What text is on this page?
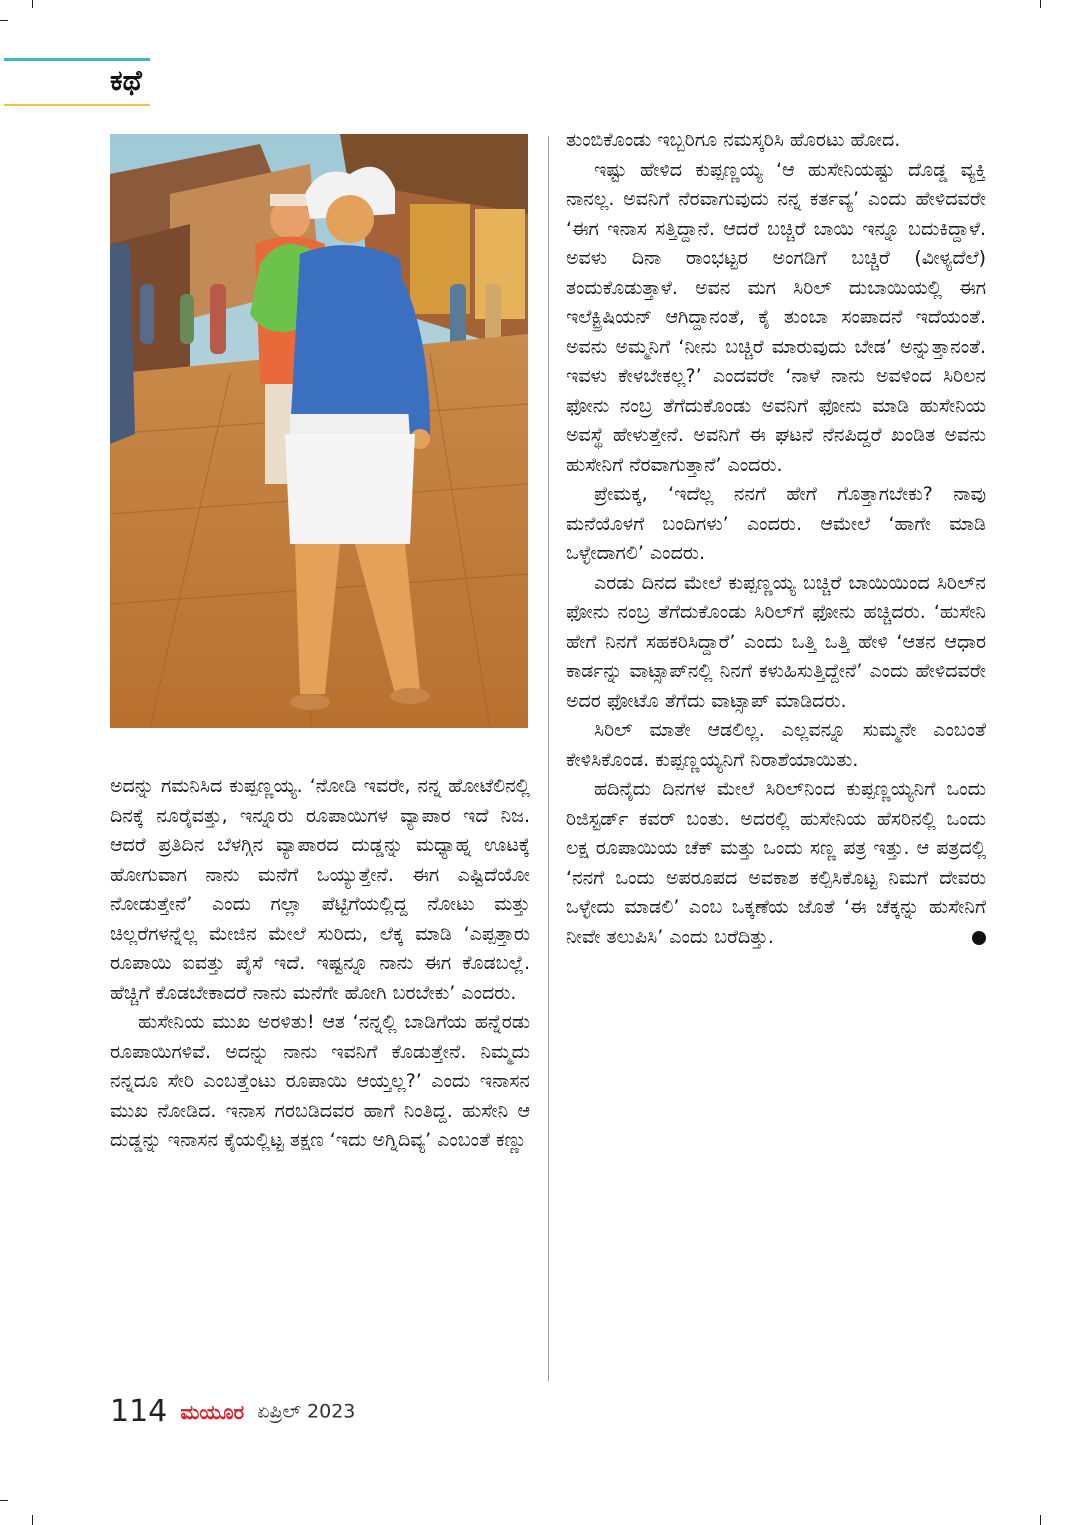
ಕಥೆ

ಅದನ್ನು ಗಮನಿಸಿದ ಕುಪ್ಪಣ್ಣಯ್ಯ. ‘ನೋಡಿ ಇವರೇ, ನನ್ನ ಹೋಟೆಲಿನಲ್ಲಿ ದಿನಕ್ಕೆ ನೂರೈವತ್ತು, ಇನ್ನೂರು ರೂಪಾಯಿಗಳ ವ್ಯಾಪಾರ ಇದೆ ನಿಜ. ಆದರೆ ಪ್ರತಿದಿನ ಬೆಳಗ್ಗಿನ ವ್ಯಾಪಾರದ ದುಡ್ಡನ್ನು ಮಧ್ಯಾಹ್ನ ಊಟಕ್ಕೆ ಹೋಗುವಾಗ ನಾನು ಮನೆಗೆ ಒಯ್ಯುತ್ತೇನೆ. ಈಗ ಎಷ್ಟಿದೆಯೋ ನೋಡುತ್ತೇನೆ’ ಎಂದು ಗಲ್ಲಾ ಪೆಟ್ಟಿಗೆಯಲ್ಲಿದ್ದ ನೋಟು ಮತ್ತು ಚಿಲ್ಲರೆಗಳನ್ನೆಲ್ಲ ಮೇಜಿನ ಮೇಲೆ ಸುರಿದು, ಲೆಕ್ಕ ಮಾಡಿ ‘ಎಪ್ಪತ್ತಾರು ರೂಪಾಯಿ ಐವತ್ತು ಪೈಸೆ ಇದೆ. ಇಷ್ಟನ್ನೂ ನಾನು ಈಗ ಕೊಡಬಲ್ಲೆ. ಹೆಚ್ಚಿಗೆ ಕೊಡಬೇಕಾದರೆ ನಾನು ಮನೆಗೇ ಹೋಗಿ ಬರಬೇಕು’ ಎಂದರು.

ಹುಸೇನಿಯ ಮುಖ ಅರಳಿತು! ಆತ ‘ನನ್ನಲ್ಲಿ ಬಾಡಿಗೆಯ ಹನ್ನೆರಡು ರೂಪಾಯಿಗಳಿವೆ. ಅದನ್ನು ನಾನು ಇವನಿಗೆ ಕೊಡುತ್ತೇನೆ. ನಿಮ್ಮದು ನನ್ನದೂ ಸೇರಿ ಎಂಬತ್ತೆಂಟು ರೂಪಾಯಿ ಆಯ್ತಲ್ಲ?’ ಎಂದು ಇನಾಸನ ಮುಖ ನೋಡಿದ. ಇನಾಸ ಗರಬಡಿದವರ ಹಾಗೆ ನಿಂತಿದ್ದ. ಹುಸೇನಿ ಆ ದುಡ್ಡನ್ನು ಇನಾಸನ ಕೈಯಲ್ಲಿಟ್ಟ ತಕ್ಷಣ ‘ಇದು ಅಗ್ನಿದಿವ್ಯ’ ಎಂಬಂತೆ ಕಣ್ಣು

ತುಂಬಿಕೊಂಡು ಇಬ್ಬರಿಗೂ ನಮಸ್ಕರಿಸಿ ಹೊರಟು ಹೋದ.

ಇಷ್ಟು ಹೇಳಿದ ಕುಪ್ಪಣ್ಣಯ್ಯ ‘ಆ ಹುಸೇನಿಯಷ್ಟು ದೊಡ್ಡ ವ್ಯಕ್ತಿ ನಾನಲ್ಲ. ಅವನಿಗೆ ನೆರವಾಗುವುದು ನನ್ನ ಕರ್ತವ್ಯ’ ಎಂದು ಹೇಳಿದವರೇ ‘ಈಗ ಇನಾಸ ಸತ್ತಿದ್ದಾನೆ. ಆದರೆ ಬಚ್ಚಿರೆ ಬಾಯಿ ಇನ್ನೂ ಬದುಕಿದ್ದಾಳೆ. ಅವಳು ದಿನಾ ರಾಂಭಟ್ಟರ ಅಂಗಡಿಗೆ ಬಚ್ಚಿರೆ (ವೀಳ್ಯದೆಲೆ) ತಂದುಕೊಡುತ್ತಾಳೆ. ಅವನ ಮಗ ಸಿರಿಲ್ ದುಬಾಯಿಯಲ್ಲಿ ಈಗ ಇಲೆಕ್ಟ್ರಿಷಿಯನ್ ಆಗಿದ್ದಾನಂತೆ, ಕೈ ತುಂಬಾ ಸಂಪಾದನೆ ಇದೆಯಂತೆ. ಅವನು ಅಮ್ಮನಿಗೆ ‘ನೀನು ಬಚ್ಚಿರೆ ಮಾರುವುದು ಬೇಡ’ ಅನ್ನುತ್ತಾನಂತೆ. ಇವಳು ಕೇಳಬೇಕಲ್ಲ?’ ಎಂದವರೇ ‘ನಾಳೆ ನಾನು ಅವಳಿಂದ ಸಿರಿಲನ ಫೋನು ನಂಬ್ರ ತೆಗೆದುಕೊಂಡು ಅವನಿಗೆ ಫೋನು ಮಾಡಿ ಹುಸೇನಿಯ ಅವಸ್ಥೆ ಹೇಳುತ್ತೇನೆ. ಅವನಿಗೆ ಈ ಘಟನೆ ನೆನಪಿದ್ದರೆ ಖಂಡಿತ ಅವನು ಹುಸೇನಿಗೆ ನೆರವಾಗುತ್ತಾನೆ’ ಎಂದರು.

ಪ್ರೇಮಕ್ಕ, ‘ಇದೆಲ್ಲ ನನಗೆ ಹೇಗೆ ಗೊತ್ತಾಗಬೇಕು? ನಾವು ಮನೆಯೊಳಗೆ ಬಂದಿಗಳು’ ಎಂದರು. ಆಮೇಲೆ ‘ಹಾಗೇ ಮಾಡಿ ಒಳ್ಳೇದಾಗಲಿ’ ಎಂದರು.

ಎರಡು ದಿನದ ಮೇಲೆ ಕುಪ್ಪಣ್ಣಯ್ಯ ಬಚ್ಚಿರೆ ಬಾಯಿಯಿಂದ ಸಿರಿಲ್‌ನ ಫೋನು ನಂಬ್ರ ತೆಗೆದುಕೊಂಡು ಸಿರಿಲ್‌ಗೆ ಫೋನು ಹಚ್ಚಿದರು. ‘ಹುಸೇನಿ ಹೇಗೆ ನಿನಗೆ ಸಹಕರಿಸಿದ್ದಾರೆ’ ಎಂದು ಒತ್ತಿ ಒತ್ತಿ ಹೇಳಿ ‘ಆತನ ಆಧಾರ ಕಾರ್ಡನ್ನು ವಾಟ್ಸಾಪ್‌ನಲ್ಲಿ ನಿನಗೆ ಕಳುಹಿಸುತ್ತಿದ್ದೇನೆ’ ಎಂದು ಹೇಳಿದವರೇ ಅದರ ಫೋಟೊ ತೆಗೆದು ವಾಟ್ಸಾಪ್ ಮಾಡಿದರು.

ಸಿರಿಲ್ ಮಾತೇ ಆಡಲಿಲ್ಲ. ಎಲ್ಲವನ್ನೂ ಸುಮ್ಮನೇ ಎಂಬಂತೆ ಕೇಳಿಸಿಕೊಂಡ. ಕುಪ್ಪಣ್ಣಯ್ಯನಿಗೆ ನಿರಾಶೆಯಾಯಿತು.

ಹದಿನೈದು ದಿನಗಳ ಮೇಲೆ ಸಿರಿಲ್‌ನಿಂದ ಕುಪ್ಪಣ್ಣಯ್ಯನಿಗೆ ಒಂದು ರಿಜಿಸ್ಟರ್ಡ್ ಕವರ್ ಬಂತು. ಅದರಲ್ಲಿ ಹುಸೇನಿಯ ಹೆಸರಿನಲ್ಲಿ ಒಂದು ಲಕ್ಷ ರೂಪಾಯಿಯ ಚೆಕ್ ಮತ್ತು ಒಂದು ಸಣ್ಣ ಪತ್ರ ಇತ್ತು. ಆ ಪತ್ರದಲ್ಲಿ ‘ನನಗೆ ಒಂದು ಅಪರೂಪದ ಅವಕಾಶ ಕಲ್ಪಿಸಿಕೊಟ್ಟ ನಿಮಗೆ ದೇವರು ಒಳ್ಳೇದು ಮಾಡಲಿ’ ಎಂಬ ಒಕ್ಕಣೆಯ ಜೊತೆ ‘ಈ ಚೆಕ್ಕನ್ನು ಹುಸೇನಿಗೆ ನೀವೇ ತಲುಪಿಸಿ’ ಎಂದು ಬರೆದಿತ್ತು.

114 ಮಯೂರ ಏಪ್ರಿಲ್ 2023
